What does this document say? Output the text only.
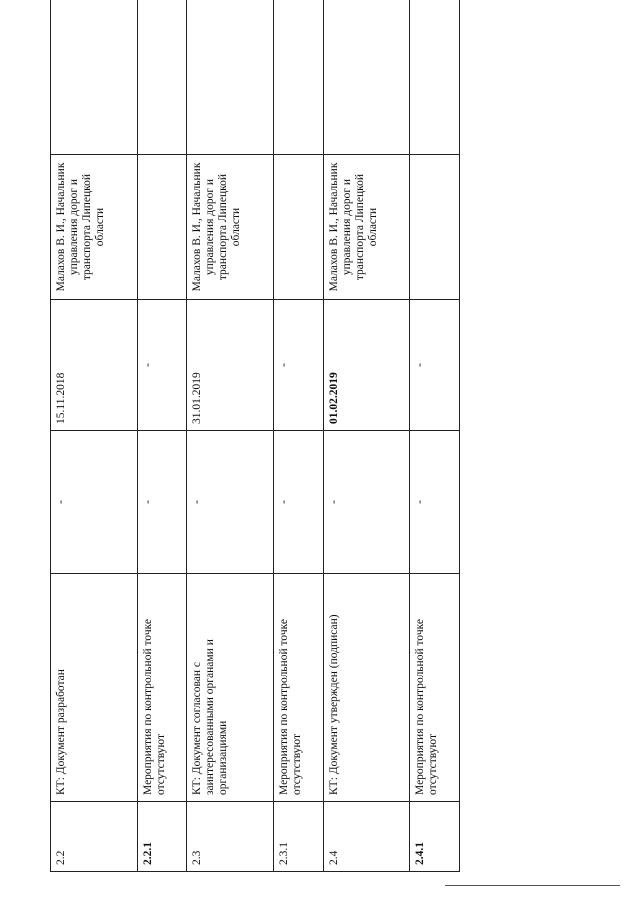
2.2	КТ: Документ разработан	-	15.11.2018	Малахов В. И., Начальник управления дорог и транспорта Липецкой области		
2.2.1	Мероприятия по контрольной точке отсутствуют	-	-			
2.3	КТ: Документ согласован с заинтересованными органами и организациями	-	31.01.2019	Малахов В. И., Начальник управления дорог и транспорта Липецкой области		
2.3.1	Мероприятия по контрольной точке отсутствуют	-	-			
2.4	КТ: Документ утвержден (подписан)	-	01.02.2019	Малахов В. И., Начальник управления дорог и транспорта Липецкой области		
2.4.1	Мероприятия по контрольной точке отсутствуют	-	-			
